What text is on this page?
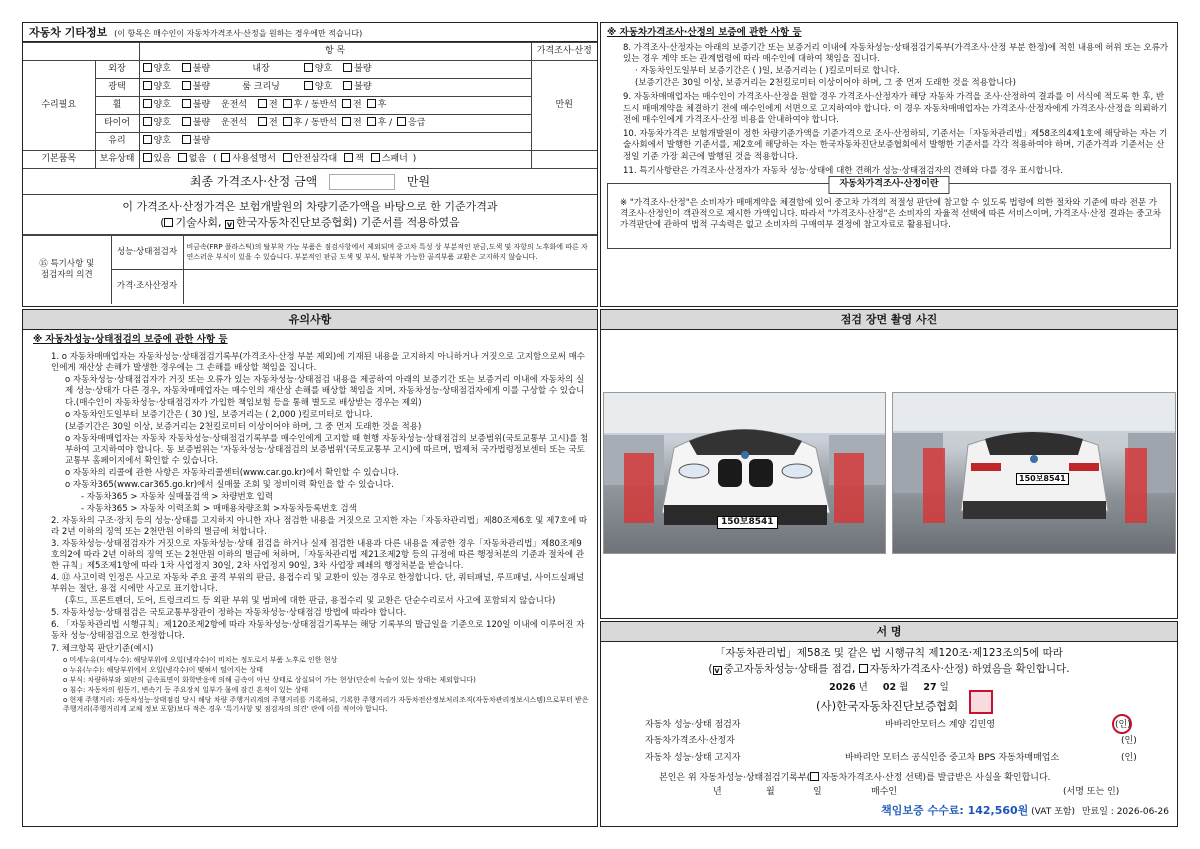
자동차 기타정보 (이 항목은 매수인이 자동차가격조사·산정을 원하는 경우에만 적습니다)
		항 목	가격조사·산정
수리필요	외장	양호 불량 내장 양호 불량	만원
	광택	양호 불량 룸 크리닝 양호 불량	
	휠	양호 불량 운전석 전 후 / 동반석 전 후	
	타이어	양호 불량 운전석 전 후 / 동반석 전 후 / 응급	
	유리	양호 불량	
기본품목	보유상태	있음 없음 ( 사용설명서 안전삼각대 잭 스패너 )	
최종 가격조사·산정 금액	만원
이 가격조사·산정가격은 보험개발원의 차량기준가액을 바탕으로 한 기준가격과
( 기술사회, v 한국자동차진단보증협회) 기준서를 적용하였음
⑮ 특기사항 및
점검자의 의견	성능·상태점검자	비금속(FRP 플라스틱)의 탈부착 가능 부품은 점검사항에서 제외되며 중고차 특성 상 부분적인 판금,도색 및 자항의 노후화에 따른 자연스러운 부식이 있을 수 있습니다. 부분적인 판금 도색 및 부식, 탈부착 가능한 골격부품 교환은 고지하지 않습니다.
	가격·조사산정자	
※ 자동차가격조사·산정의 보증에 관한 사항 등

8. 가격조사·산정자는 아래의 보증기간 또는 보증거리 이내에 자동차성능·상태점검기록부(가격조사·산정 부분 한정)에 적힌 내용에 허위 또는 오류가 있는 경우 계약 또는 관계법령에 따라 매수인에 대하여 책임을 집니다.

· 자동차인도일부터 보증기간은 ( )일, 보증거리는 ( )킬로미터로 합니다.

(보증기간은 30일 이상, 보증거리는 2천킬로미터 이상이어야 하며, 그 중 먼저 도래한 것을 적용합니다)

9. 자동차매매업자는 매수인이 가격조사·산정을 원할 경우 가격조사·산정자가 해당 자동차 가격을 조사·산정하여 결과를 이 서식에 적도록 한 후, 반드시 매매계약을 체결하기 전에 매수인에게 서면으로 고지하여야 합니다. 이 경우 자동차매매업자는 가격조사·산정자에게 가격조사·산정을 의뢰하기 전에 매수인에게 가격조사·산정 비용을 안내하여야 합니다.

10. 자동차가격은 보험개발원이 정한 차량기준가액을 기준가격으로 조사·산정하되, 기준서는「자동차관리법」제58조의4제1호에 해당하는 자는 기술사회에서 발행한 기준서를, 제2호에 해당하는 자는 한국자동차진단보증협회에서 발행한 기준서를 각각 적용하여야 하며, 기준가격과 기준서는 산정일 기준 가장 최근에 발행된 것을 적용합니다.

11. 특기사항란은 가격조사·산정자가 자동차 성능·상태에 대한 견해가 성능·상태점검자의 견해와 다를 경우 표시합니다.

자동차가격조사·산정이란
※ "가격조사·산정"은 소비자가 매매계약을 체결함에 있어 중고차 가격의 적절성 판단에 참고할 수 있도록 법령에 의한 절차와 기준에 따라 전문 가격조사·산정인이 객관적으로 제시한 가액입니다. 따라서 "가격조사·산정"은 소비자의 자율적 선택에 따른 서비스이며, 가격조사·산정 결과는 중고차 가격판단에 관하여 법적 구속력은 없고 소비자의 구매여부 결정에 참고자료로 활용됩니다.
유의사항
※ 자동차성능·상태점검의 보증에 관한 사항 등

1. ο 자동차매매업자는 자동차성능·상태점검기록부(가격조사·산정 부분 제외)에 기재된 내용을 고지하지 아니하거나 거짓으로 고지함으로써 매수인에게 재산상 손해가 발생한 경우에는 그 손해를 배상할 책임을 집니다.

ο 자동차성능·상태점검자가 거짓 또는 오류가 있는 자동차성능·상태점검 내용을 제공하여 아래의 보증기간 또는 보증거리 이내에 자동차의 실제 성능·상태가 다른 경우, 자동차매매업자는 매수인의 재산상 손해를 배상할 책임을 지며, 자동차성능·상태점검자에게 이를 구상할 수 있습니다.(매수인이 자동차성능·상태점검자가 가입한 책임보험 등을 통해 별도로 배상받는 경우는 제외)

ο 자동차인도일부터 보증기간은 ( 30 )일, 보증거리는 ( 2,000 )킬로미터로 합니다.

(보증기간은 30일 이상, 보증거리는 2천킬로미터 이상이어야 하며, 그 중 먼저 도래한 것을 적용)

ο 자동차매매업자는 자동차 자동차성능·상태점검기록부를 매수인에게 고지할 때 현행 자동차성능·상태점검의 보증범위(국토교통부 고시)를 첨부하여 고지하여야 합니다. 동 보증범위는 '자동차성능·상태점검의 보증범위'(국토교통부 고시)에 따르며, 법제처 국가법령정보센터 또는 국토교통부 홈페이지에서 확인할 수 있습니다.

ο 자동차의 리콜에 관한 사항은 자동차리콜센터(www.car.go.kr)에서 확인할 수 있습니다.

ο 자동차365(www.car365.go.kr)에서 실매물 조회 및 정비이력 확인을 할 수 있습니다.

- 자동차365 > 자동차 실매물검색 > 차량번호 입력

- 자동차365 > 자동차 이력조회 > 매매용차량조회 >자동차등록번호 검색

2. 자동차의 구조·장치 등의 성능·상태를 고지하지 아니한 자나 점검한 내용을 거짓으로 고지한 자는「자동차관리법」제80조제6호 및 제7호에 따라 2년 이하의 징역 또는 2천만원 이하의 벌금에 처합니다.

3. 자동차성능·상태점검자가 거짓으로 자동차성능·상태 점검을 하거나 실제 점검한 내용과 다른 내용을 제공한 경우「자동차관리법」제80조제9호의2에 따라 2년 이하의 징역 또는 2천만원 이하의 벌금에 처하며,「자동차관리법 제21조제2항 등의 규정에 따른 행정처분의 기준과 절차에 관한 규칙」제5조제1항에 따라 1차 사업정지 30일, 2차 사업정지 90일, 3차 사업장 폐쇄의 행정처분을 받습니다.

4. ⑫ 사고이력 인정은 사고로 자동차 주요 골격 부위의 판금, 용접수리 및 교환이 있는 경우로 한정합니다. 단, 쿼터패널, 루프패널, 사이드실패널 부위는 절단, 용접 시에만 사고로 표기합니다.

(후드, 프론트펜더, 도어, 트렁크리드 등 외판 부위 및 범퍼에 대한 판금, 용접수리 및 교환은 단순수리로서 사고에 포함되지 않습니다)

5. 자동차성능·상태점검은 국토교통부장관이 정하는 자동차성능·상태점검 방법에 따라야 합니다.

6. 「자동차관리법 시행규칙」제120조제2항에 따라 자동차성능·상태점검기록부는 해당 기록부의 발급일을 기준으로 120일 이내에 이루어진 자동차 성능·상태점검으로 한정합니다.

7. 체크항목 판단기준(예시)

ο 미세누유(미세누수): 해당부위에 오일(냉각수)이 비치는 정도로서 부품 노후로 인한 현상

ο 누유(누수): 해당부위에서 오일(냉각수)이 맺혀서 떨어지는 상태

ο 부식: 차량하부와 외판의 금속표면이 화학반응에 의해 금속이 아닌 상태로 상실되어 가는 현상(단순히 녹슬어 있는 상태는 제외합니다)

ο 침수: 자동차의 원동기, 변속기 등 주요장치 일부가 물에 잠긴 흔적이 있는 상태

ο 현재 주행거리: 자동차성능·상태점검 당시 해당 차량 주행거리계의 주행거리를 기록하되, 기록한 주행거리가 자동차전산정보처리조직(자동차관리정보시스템)으로부터 받은 주행거리(주행거리계 교체 정보 포함)보다 적은 경우 '특기사항 및 점검자의 의견' 란에 이를 적어야 합니다.

점검 장면 촬영 사진
150보8541
150보8541
서 명
「자동차관리법」제58조 및 같은 법 시행규칙 제120조·제123조의5에 따라
( v 중고자동차성능·상태를 점검, 자동차가격조사·산정) 하였음을 확인합니다.
2026 년 02 월 27 일
(사)한국자동차진단보증협회
자동차 성능·상태 점검자	바바리안모터스 계양 김민영	(인)
자동차가격조사·산정자	(인)
자동차 성능·상태 고지자	바바리안 모터스 공식인증 중고차 BPS 자동차매매업소	(인)
본인은 위 자동차성능·상태점검기록부( 자동차가격조사·산정 선택)를 발급받은 사실을 확인합니다.
년	월	일	매수인	(서명 또는 인)
책임보증 수수료: 142,560원 (VAT 포함) 만료일 : 2026-06-26
